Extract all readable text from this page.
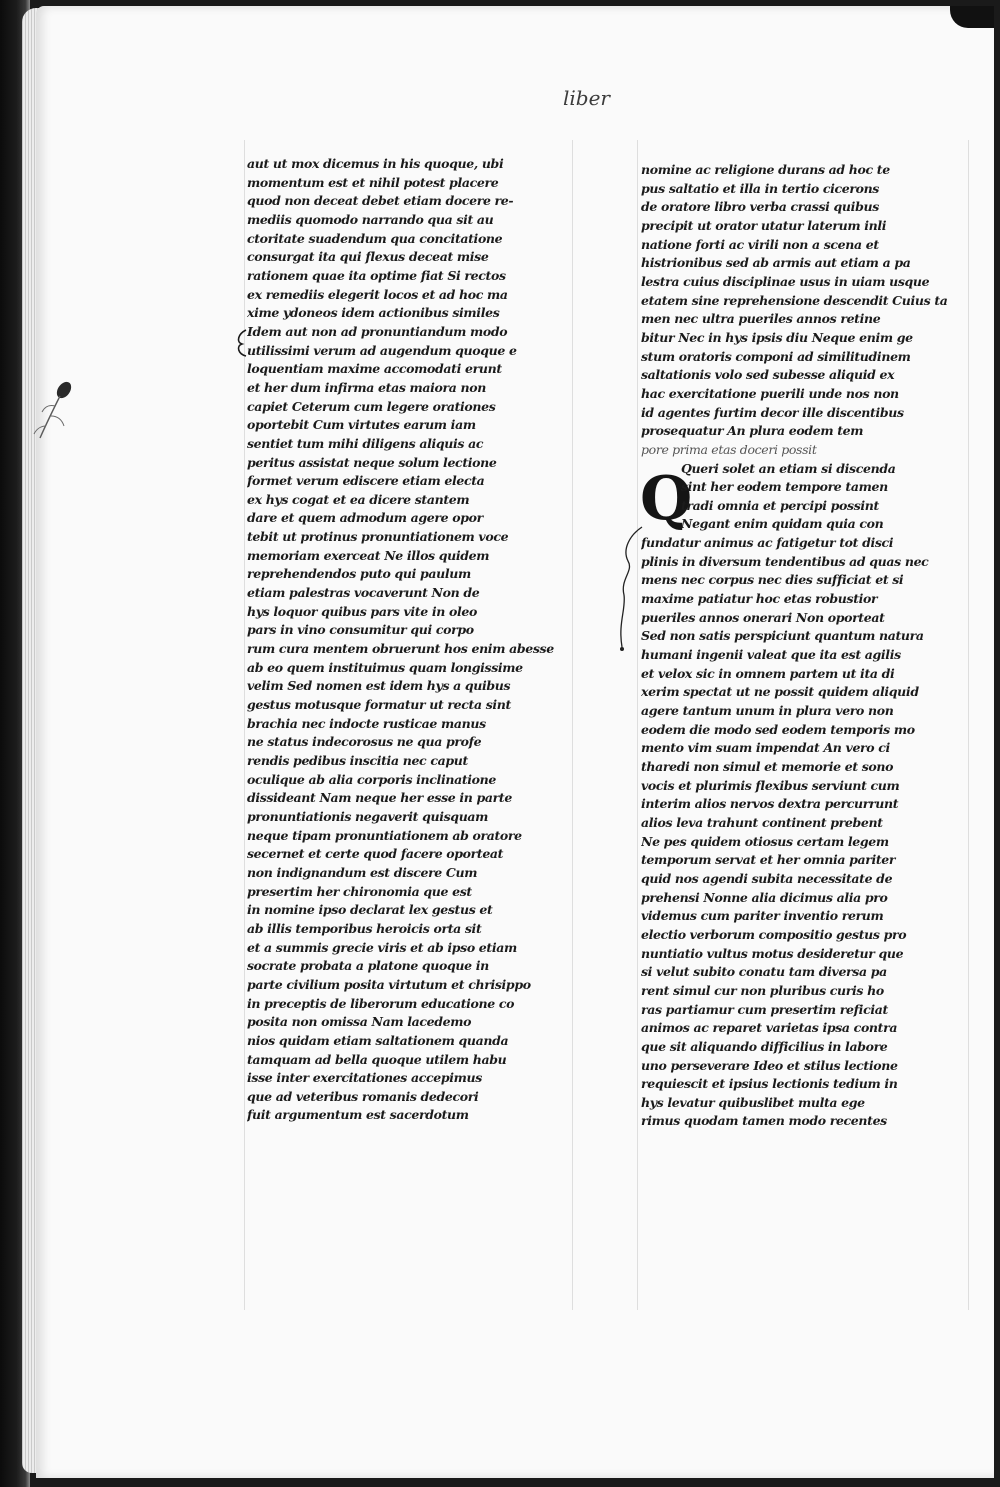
liber

aut ut mox dicemus in his quoque, ubi
momentum est et nihil potest placere
quod non deceat debet etiam docere re-
mediis quomodo narrando qua sit au
ctoritate suadendum qua concitatione
consurgat ita qui flexus deceat mise
rationem quae ita optime fiat Si rectos
ex remediis elegerit locos et ad hoc ma
xime ydoneos idem actionibus similes
Idem aut non ad pronuntiandum modo
utilissimi verum ad augendum quoque e
loquentiam maxime accomodati erunt
et her dum infirma etas maiora non
capiet Ceterum cum legere orationes
oportebit Cum virtutes earum iam
sentiet tum mihi diligens aliquis ac
peritus assistat neque solum lectione
formet verum ediscere etiam electa
ex hys cogat et ea dicere stantem
dare et quem admodum agere opor
tebit ut protinus pronuntiationem voce
memoriam exerceat Ne illos quidem
reprehendendos puto qui paulum
etiam palestras vocaverunt Non de
hys loquor quibus pars vite in oleo
pars in vino consumitur qui corpo
rum cura mentem obruerunt hos enim abesse
ab eo quem instituimus quam longissime
velim Sed nomen est idem hys a quibus
gestus motusque formatur ut recta sint
brachia nec indocte rusticae manus
ne status indecorosus ne qua profe
rendis pedibus inscitia nec caput
oculique ab alia corporis inclinatione
dissideant Nam neque her esse in parte
pronuntiationis negaverit quisquam
neque tipam pronuntiationem ab oratore
secernet et certe quod facere oporteat
non indignandum est discere Cum
presertim her chironomia que est
in nomine ipso declarat lex gestus et
ab illis temporibus heroicis orta sit
et a summis grecie viris et ab ipso etiam
socrate probata a platone quoque in
parte civilium posita virtutum et chrisippo
in preceptis de liberorum educatione co
posita non omissa Nam lacedemo
nios quidam etiam saltationem quanda
tamquam ad bella quoque utilem habu
isse inter exercitationes accepimus
que ad veteribus romanis dedecori
fuit argumentum est sacerdotum

Q

nomine ac religione durans ad hoc te
pus saltatio et illa in tertio cicerons
de oratore libro verba crassi quibus
precipit ut orator utatur laterum inli
natione forti ac virili non a scena et
histrionibus sed ab armis aut etiam a pa
lestra cuius disciplinae usus in uiam usque
etatem sine reprehensione descendit Cuius ta
men nec ultra pueriles annos retine
bitur Nec in hys ipsis diu Neque enim ge
stum oratoris componi ad similitudinem
saltationis volo sed subesse aliquid ex
hac exercitatione puerili unde nos non
id agentes furtim decor ille discentibus
prosequatur An plura eodem tem
pore prima etas doceri possit
Queri solet an etiam si discenda
sint her eodem tempore tamen
tradi omnia et percipi possint
Negant enim quidam quia con
fundatur animus ac fatigetur tot disci
plinis in diversum tendentibus ad quas nec
mens nec corpus nec dies sufficiat et si
maxime patiatur hoc etas robustior
pueriles annos onerari Non oporteat
Sed non satis perspiciunt quantum natura
humani ingenii valeat que ita est agilis
et velox sic in omnem partem ut ita di
xerim spectat ut ne possit quidem aliquid
agere tantum unum in plura vero non
eodem die modo sed eodem temporis mo
mento vim suam impendat An vero ci
tharedi non simul et memorie et sono
vocis et plurimis flexibus serviunt cum
interim alios nervos dextra percurrunt
alios leva trahunt continent prebent
Ne pes quidem otiosus certam legem
temporum servat et her omnia pariter
quid nos agendi subita necessitate de
prehensi Nonne alia dicimus alia pro
videmus cum pariter inventio rerum
electio verborum compositio gestus pro
nuntiatio vultus motus desideretur que
si velut subito conatu tam diversa pa
rent simul cur non pluribus curis ho
ras partiamur cum presertim reficiat
animos ac reparet varietas ipsa contra
que sit aliquando difficilius in labore
uno perseverare Ideo et stilus lectione
requiescit et ipsius lectionis tedium in
hys levatur quibuslibet multa ege
rimus quodam tamen modo recentes
